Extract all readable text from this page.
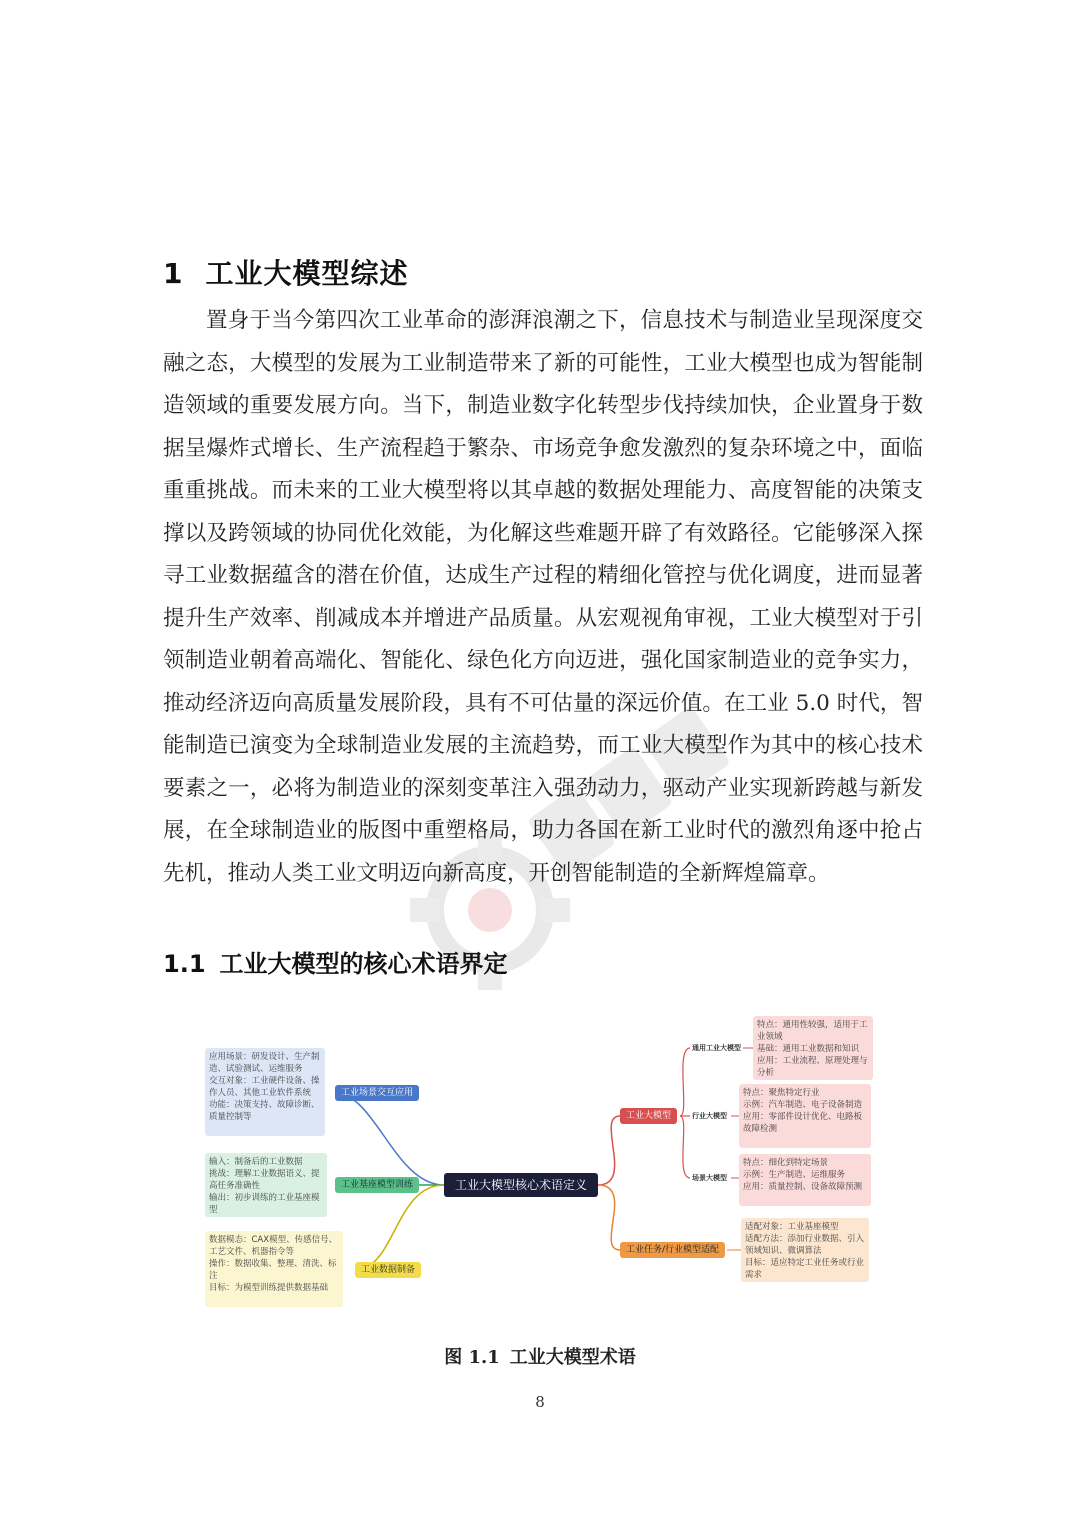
1 工业大模型综述

置身于当今第四次工业革命的澎湃浪潮之下，信息技术与制造业呈现深度交融之态，大模型的发展为工业制造带来了新的可能性，工业大模型也成为智能制造领域的重要发展方向。当下，制造业数字化转型步伐持续加快，企业置身于数据呈爆炸式增长、生产流程趋于繁杂、市场竞争愈发激烈的复杂环境之中，面临重重挑战。而未来的工业大模型将以其卓越的数据处理能力、高度智能的决策支撑以及跨领域的协同优化效能，为化解这些难题开辟了有效路径。它能够深入探寻工业数据蕴含的潜在价值，达成生产过程的精细化管控与优化调度，进而显著提升生产效率、削减成本并增进产品质量。从宏观视角审视，工业大模型对于引领制造业朝着高端化、智能化、绿色化方向迈进，强化国家制造业的竞争实力，推动经济迈向高质量发展阶段，具有不可估量的深远价值。在工业 5.0 时代，智能制造已演变为全球制造业发展的主流趋势，而工业大模型作为其中的核心技术要素之一，必将为制造业的深刻变革注入强劲动力，驱动产业实现新跨越与新发展，在全球制造业的版图中重塑格局，助力各国在新工业时代的激烈角逐中抢占先机，推动人类工业文明迈向新高度，开创智能制造的全新辉煌篇章。

1.1 工业大模型的核心术语界定
应用场景：研发设计、生产制造、试验测试、运维服务
交互对象：工业硬件设备、操作人员、其他工业软件系统
功能：决策支持、故障诊断、质量控制等
输入：制备后的工业数据
挑战：理解工业数据语义、提高任务准确性
输出：初步训练的工业基座模型
数据模态：CAX模型、传感信号、工艺文件、机器指令等
操作：数据收集、整理、清洗、标注
目标：为模型训练提供数据基础
工业场景交互应用
工业基座模型训练
工业数据制备
工业大模型核心术语定义
工业大模型
工业任务/行业模型适配
通用工业大模型
行业大模型
场景大模型
特点：通用性较强，适用于工业领域
基础：通用工业数据和知识
应用：工业流程、原理处理与分析
特点：聚焦特定行业
示例：汽车制造、电子设备制造
应用：零部件设计优化、电路板故障检测
特点：细化到特定场景
示例：生产制造、运维服务
应用：质量控制、设备故障预测
适配对象：工业基座模型
适配方法：添加行业数据、引入领域知识、微调算法
目标：适应特定工业任务或行业需求
图 1.1 工业大模型术语
8
